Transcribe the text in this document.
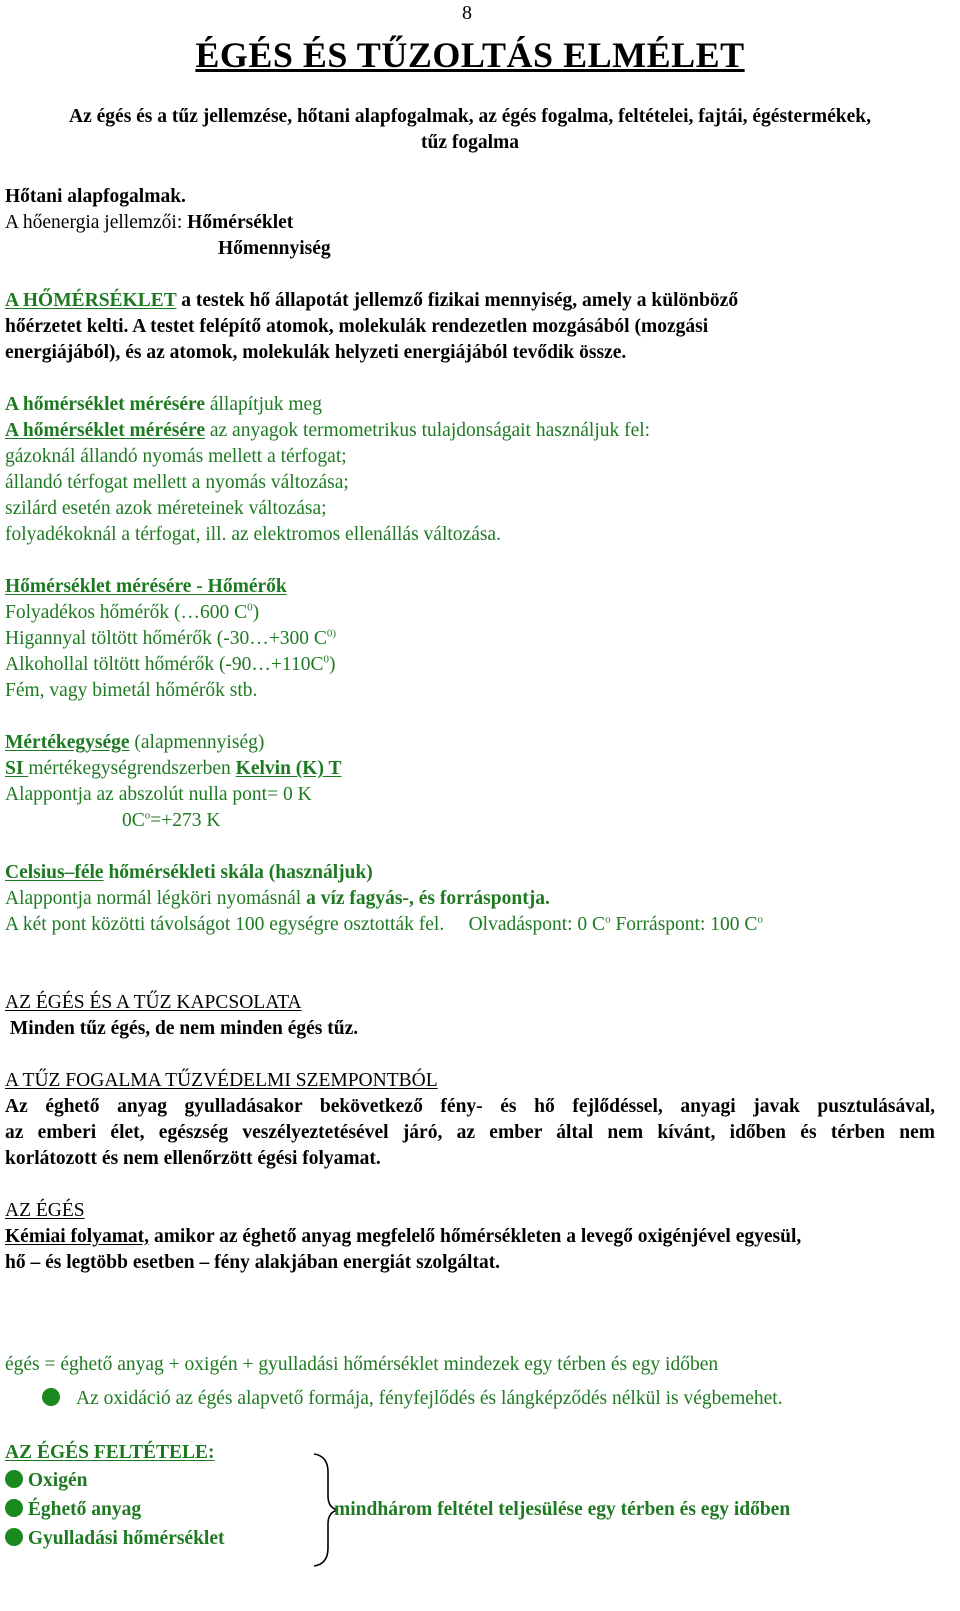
8
ÉGÉS ÉS TŰZOLTÁS ELMÉLET
Az égés és a tűz jellemzése, hőtani alapfogalmak, az égés fogalma, feltételei, fajtái, égéstermékek,
tűz fogalma
Hőtani alapfogalmak.
A hőenergia jellemzői: Hőmérséklet
Hőmennyiség
A HŐMÉRSÉKLET a testek hő állapotát jellemző fizikai mennyiség, amely a különböző
hőérzetet kelti. A testet felépítő atomok, molekulák rendezetlen mozgásából (mozgási
energiájából), és az atomok, molekulák helyzeti energiájából tevődik össze.
A hőmérséklet mérésére állapítjuk meg
A hőmérséklet mérésére az anyagok termometrikus tulajdonságait használjuk fel:
gázoknál állandó nyomás mellett a térfogat;
állandó térfogat mellett a nyomás változása;
szilárd esetén azok méreteinek változása;
folyadékoknál a térfogat, ill. az elektromos ellenállás változása.
Hőmérséklet mérésére - Hőmérők
Folyadékos hőmérők (…600 $C^0$)
Higannyal töltött hőmérők (-30…+300 $C^{0)}$
Alkohollal töltött hőmérők $(-90\dots+110C^0)$
Fém, vagy bimetál hőmérők stb.
Mértékegysége (alapmennyiség)
SI mértékegységrendszerben Kelvin (K) T
Alappontja az abszolút nulla pont= 0 K
$0C^o=+273$ K
Celsius–féle hőmérsékleti skála (használjuk)
Alappontja normál légköri nyomásnál a víz fagyás-, és forráspontja.
A két pont közötti távolságot 100 egységre osztották fel.     Olvadáspont: 0 $C^o$ Forráspont: 100 $C^o$
AZ ÉGÉS ÉS A TŰZ KAPCSOLATA
Minden tűz égés, de nem minden égés tűz.
A TŰZ FOGALMA TŰZVÉDELMI SZEMPONTBÓL
Az éghető anyag gyulladásakor bekövetkező fény- és hő fejlődéssel, anyagi javak pusztulásával,
az emberi élet, egészség veszélyeztetésével járó, az ember által nem kívánt, időben és térben nem
korlátozott és nem ellenőrzött égési folyamat.
AZ ÉGÉS
Kémiai folyamat, amikor az éghető anyag megfelelő hőmérsékleten a levegő oxigénjével egyesül,
hő – és legtöbb esetben – fény alakjában energiát szolgáltat.
égés = éghető anyag + oxigén + gyulladási hőmérséklet mindezek egy térben és egy időben
Az oxidáció az égés alapvető formája, fényfejlődés és lángképződés nélkül is végbemehet.
AZ ÉGÉS FELTÉTELE:
Oxigén
Éghető anyag
Gyulladási hőmérséklet
mindhárom feltétel teljesülése egy térben és egy időben
